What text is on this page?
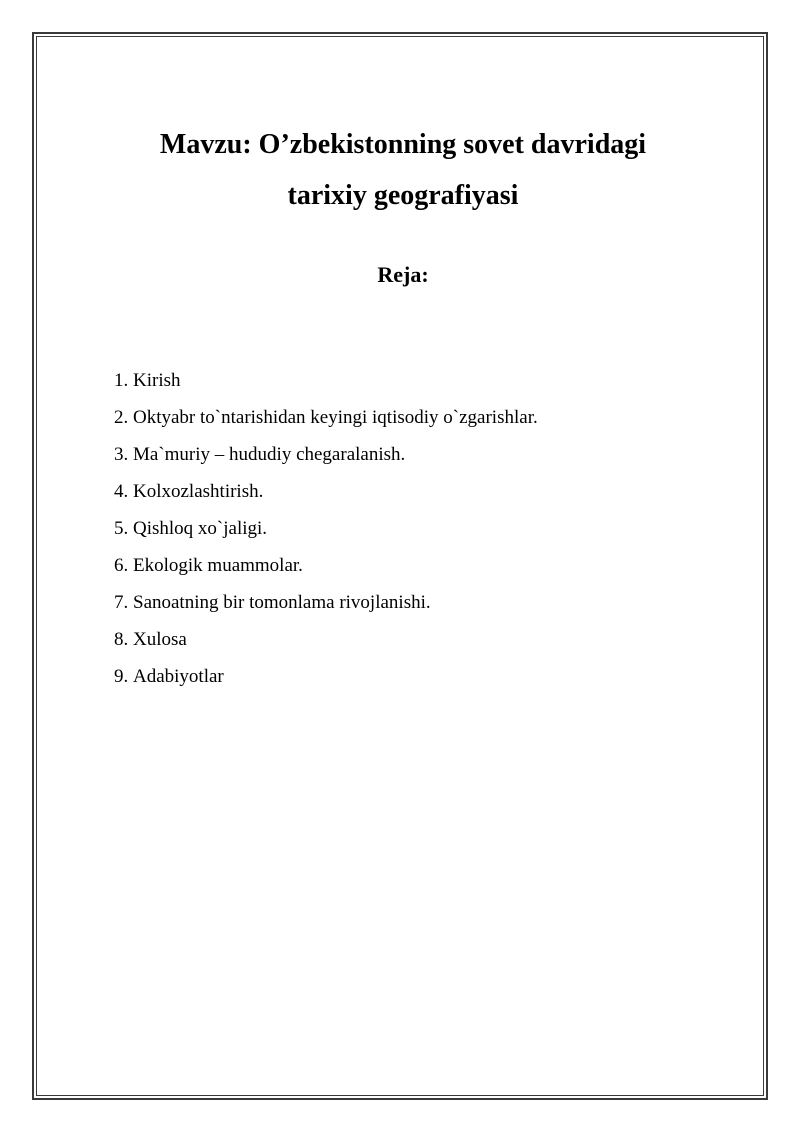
Mavzu: O’zbekistonning sovet davridagi
tarixiy geografiyasi
Reja:
1. Kirish
2. Oktyabr to`ntarishidan keyingi iqtisodiy o`zgarishlar.
3. Ma`muriy – hududiy chegaralanish.
4. Kolxozlashtirish.
5. Qishloq xo`jaligi.
6. Ekologik muammolar.
7. Sanoatning bir tomonlama rivojlanishi.
8. Xulosa
9. Adabiyotlar
